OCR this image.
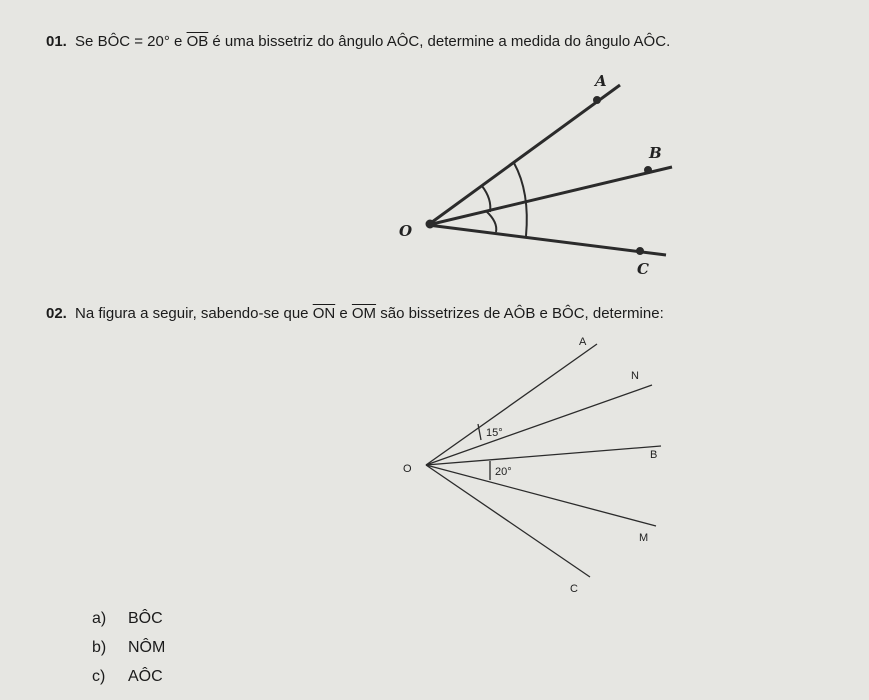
01. Se BÔC = 20° e $\overline{OB}$ é uma bissetriz do ângulo AÔC, determine a medida do ângulo AÔC.
A
B
C
O
A
N
B
M
C
O
15°
20°
02. Na figura a seguir, sabendo-se que $\overline{ON}$ e $\overline{OM}$ são bissetrizes de AÔB e BÔC, determine:
a)	BÔC
b)	NÔM
c)	AÔC
